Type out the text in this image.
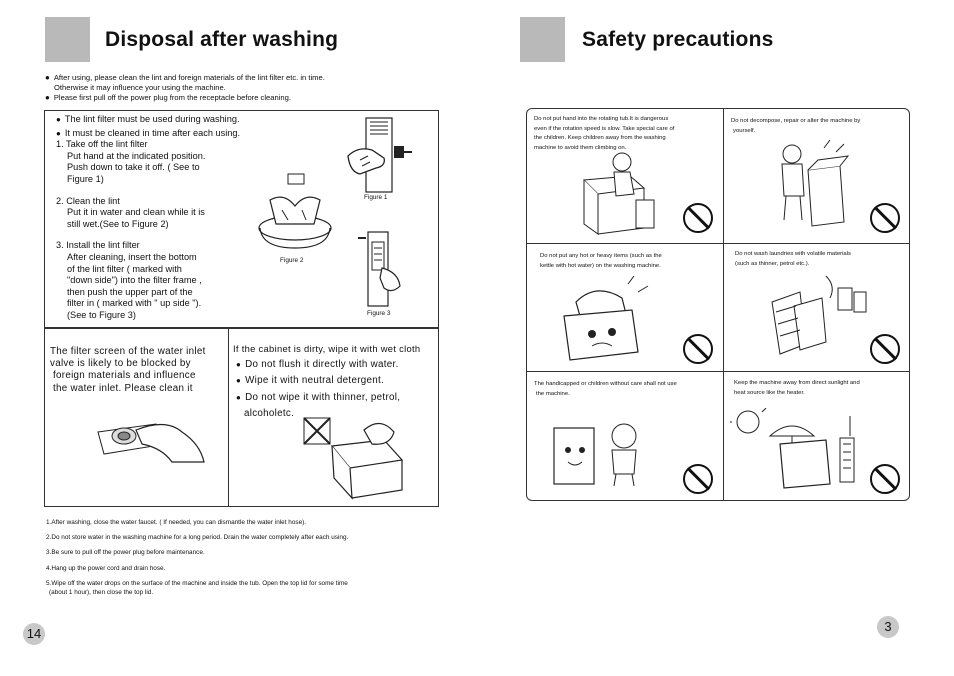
Disposal after washing
● After using, please clean the lint and foreign materials of the lint filter etc. in time.
Otherwise it may influence your using the machine.
● Please first pull off the power plug from the receptacle before cleaning.
● The lint filter must be used during washing.
● It must be cleaned in time after each using.
1. Take off the lint filter
Put hand at the indicated position.
Push down to take it off. ( See to
Figure 1)
2. Clean the lint
Put it in water and clean while it is
still wet.(See to Figure 2)
3. Install the lint filter
After cleaning, insert the bottom
of the lint filter ( marked with
"down side") into the filter frame ,
then push the upper part of the
filter in ( marked with " up side ").
(See to Figure 3)
Figure 1
Figure 2
Figure 3
The filter screen of the water inlet
valve is likely to be blocked by
foreign materials and influence
the water inlet. Please clean it
If the cabinet is dirty, wipe it with wet cloth
● Do not flush it directly with water.
● Wipe it with neutral detergent.
● Do not wipe it with thinner, petrol,
alcoholetc.
1.After washing, close the water faucet. ( If needed, you can dismantle the water inlet hose).
2.Do not store water in the washing machine for a long period. Drain the water completely after each using.
3.Be sure to pull off the power plug before maintenance.
4.Hang up the power cord and drain hose.
5.Wipe off the water drops on the surface of the machine and inside the tub. Open the top lid for some time
(about 1 hour), then close the top lid.
14
Safety precautions
Do not put hand into the rotating tub.It is dangerous
even if the rotation speed is slow. Take special care of
the children. Keep children away from the washing
machine to avoid them climbing on.
Do not decompose, repair or alter the machine by
yourself.
Do not put any hot or heavy items (such as the
kettle with hot water) on the washing machine.
Do not wash laundries with volatile materials
(such as thinner, petrol etc.).
The handicapped or children without care shall not use
the machine.
Keep the machine away from direct sunlight and
heat source like the heater.
3
